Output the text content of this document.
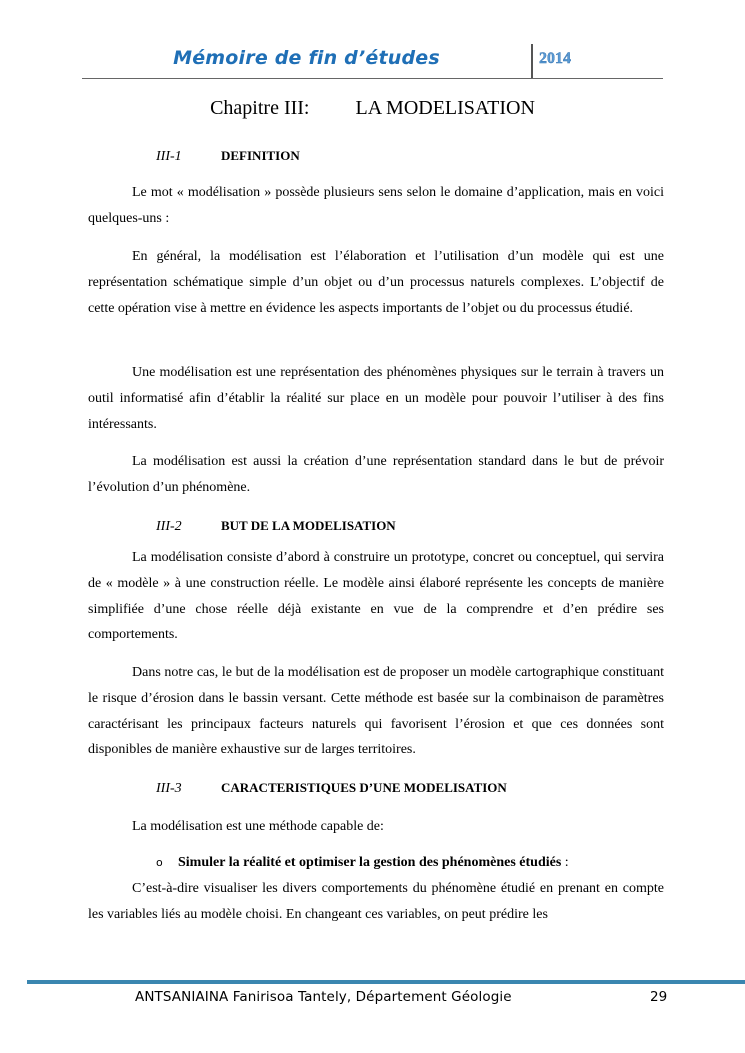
Mémoire de fin d’études	2014
Chapitre III: LA MODELISATION
III-1	DEFINITION

Le mot « modélisation » possède plusieurs sens selon le domaine d’application, mais en voici quelques-uns :

En général, la modélisation est l’élaboration et l’utilisation d’un modèle qui est une représentation schématique simple d’un objet ou d’un processus naturels complexes. L’objectif de cette opération vise à mettre en évidence les aspects importants de l’objet ou du processus étudié.

Une modélisation est une représentation des phénomènes physiques sur le terrain à travers un outil informatisé afin d’établir la réalité sur place en un modèle pour pouvoir l’utiliser à des fins intéressants.

La modélisation est aussi la création d’une représentation standard dans le but de prévoir l’évolution d’un phénomène.

III-2	BUT DE LA MODELISATION

La modélisation consiste d’abord à construire un prototype, concret ou conceptuel, qui servira de « modèle » à une construction réelle. Le modèle ainsi élaboré représente les concepts de manière simplifiée d’une chose réelle déjà existante en vue de la comprendre et d’en prédire ses comportements.

Dans notre cas, le but de la modélisation est de proposer un modèle cartographique constituant le risque d’érosion dans le bassin versant. Cette méthode est basée sur la combinaison de paramètres caractérisant les principaux facteurs naturels qui favorisent l’érosion et que ces données sont disponibles de manière exhaustive sur de larges territoires.

III-3	CARACTERISTIQUES D’UNE MODELISATION

La modélisation est une méthode capable de:

o Simuler la réalité et optimiser la gestion des phénomènes étudiés :

C’est-à-dire visualiser les divers comportements du phénomène étudié en prenant en compte les variables liés au modèle choisi. En changeant ces variables, on peut prédire les

ANTSANIAINA Fanirisoa Tantely, Département Géologie	29
